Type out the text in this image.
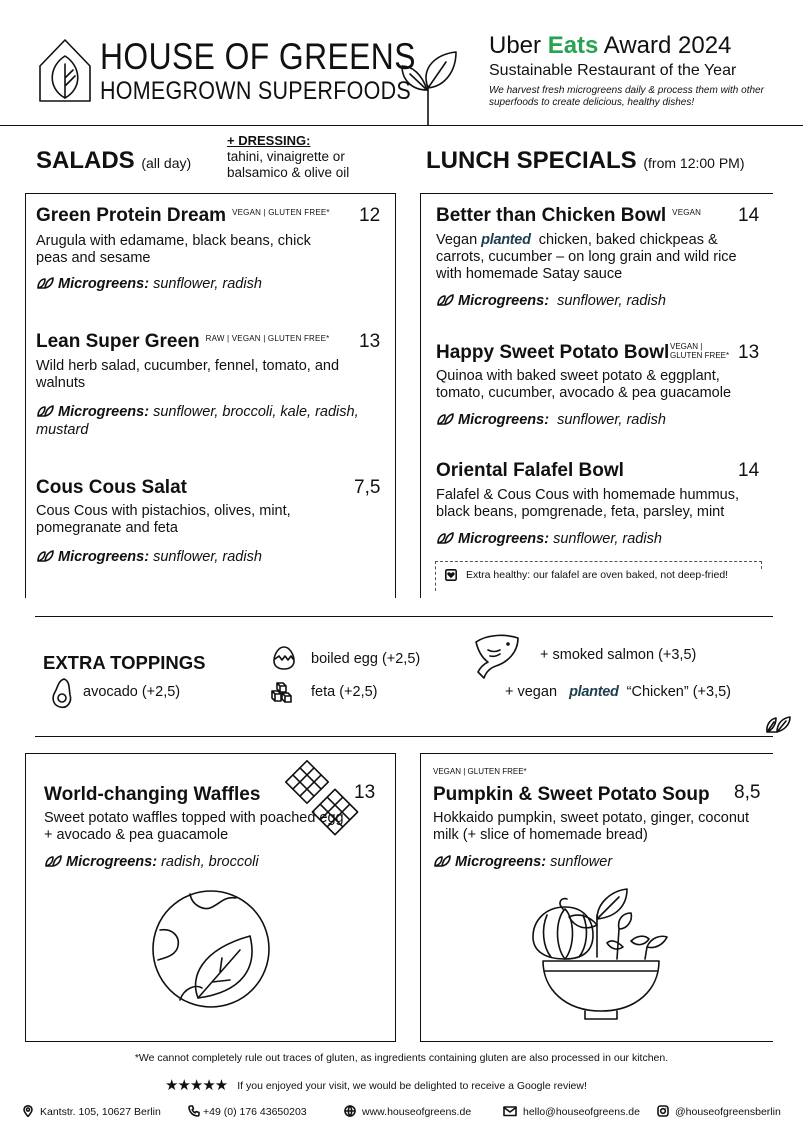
HOUSE OF GREENS
HOMEGROWN SUPERFOODS
Uber Eats Award 2024
Sustainable Restaurant of the Year
We harvest fresh microgreens daily & process them with other superfoods to create delicious, healthy dishes!
SALADS (all day)
+ DRESSING:
tahini, vinaigrette or balsamico & olive oil	LUNCH SPECIALS (from 12:00 PM)
Green Protein Dream $^{VEGAN | GLUTEN FREE*}$ 12
Arugula with edamame, black beans, chick peas and sesame
Microgreens: sunflower, radish
Lean Super Green $^{RAW | VEGAN | GLUTEN FREE*}$ 13
Wild herb salad, cucumber, fennel, tomato, and walnuts
Microgreens: sunflower, broccoli, kale, radish, mustard
Cous Cous Salat	7,5
Cous Cous with pistachios, olives, mint, pomegranate and feta
Microgreens: sunflower, radish
Better than Chicken Bowl $^{VEGAN}$ 14
Vegan planted chicken, baked chickpeas & carrots, cucumber – on long grain and wild rice with homemade Satay sauce
Microgreens: sunflower, radish
Happy Sweet Potato Bowl VEGAN |
GLUTEN FREE* 13
Quinoa with baked sweet potato & eggplant, tomato, cucumber, avocado & pea guacamole
Microgreens: sunflower, radish
Oriental Falafel Bowl	14
Falafel & Cous Cous with homemade hummus, black beans, pomgrenade, feta, parsley, mint
Microgreens: sunflower, radish
Extra healthy: our falafel are oven baked, not deep-fried!
EXTRA TOPPINGS	boiled egg (+2,5)	+ smoked salmon (+3,5)
avocado (+2,5)	feta (+2,5)	+ vegan planted “Chicken” (+3,5)
World-changing Waffles	13
Sweet potato waffles topped with poached egg + avocado & pea guacamole
Microgreens: radish, broccoli
VEGAN | GLUTEN FREE*
Pumpkin & Sweet Potato Soup 8,5
Hokkaido pumpkin, sweet potato, ginger, coconut milk (+ slice of homemade bread)
Microgreens: sunflower
*We cannot completely rule out traces of gluten, as ingredients containing gluten are also processed in our kitchen.
★★★★★ If you enjoyed your visit, we would be delighted to receive a Google review!
Kantstr. 105, 10627 Berlin	+49 (0) 176 43650203	www.houseofgreens.de	hello@houseofgreens.de	@houseofgreensberlin
